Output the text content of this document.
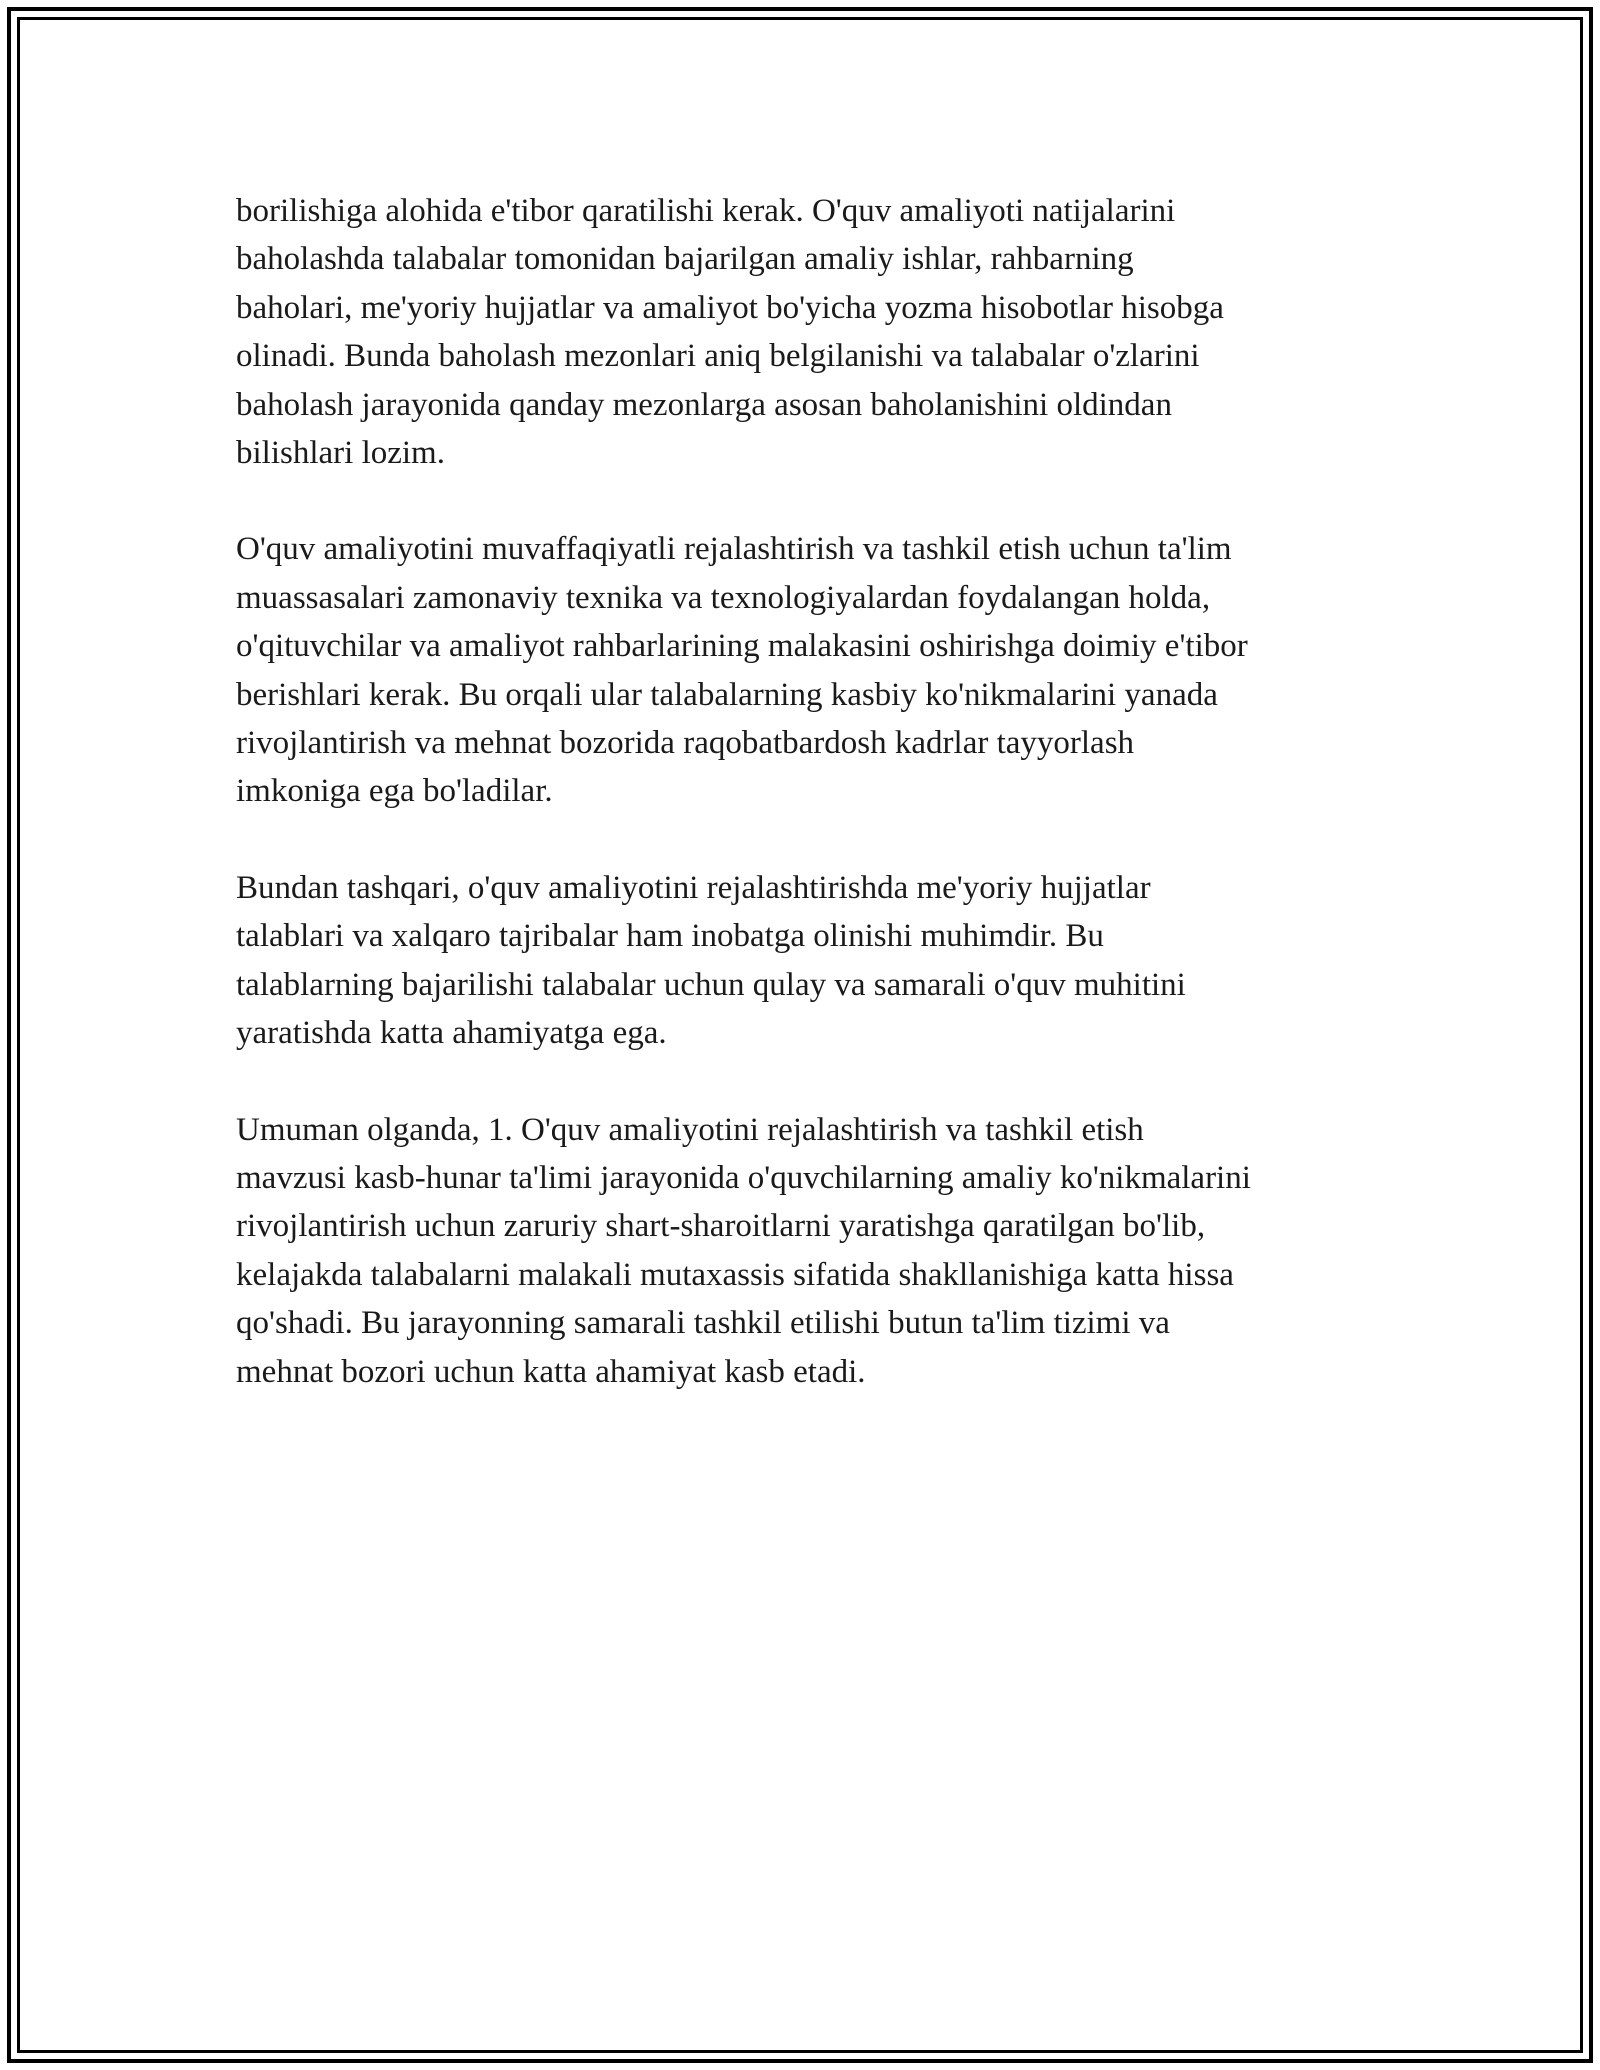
borilishiga alohida e'tibor qaratilishi kerak. O'quv amaliyoti natijalarini
baholashda talabalar tomonidan bajarilgan amaliy ishlar, rahbarning
baholari, me'yoriy hujjatlar va amaliyot bo'yicha yozma hisobotlar hisobga
olinadi. Bunda baholash mezonlari aniq belgilanishi va talabalar o'zlarini
baholash jarayonida qanday mezonlarga asosan baholanishini oldindan
bilishlari lozim.

O'quv amaliyotini muvaffaqiyatli rejalashtirish va tashkil etish uchun ta'lim
muassasalari zamonaviy texnika va texnologiyalardan foydalangan holda,
o'qituvchilar va amaliyot rahbarlarining malakasini oshirishga doimiy e'tibor
berishlari kerak. Bu orqali ular talabalarning kasbiy ko'nikmalarini yanada
rivojlantirish va mehnat bozorida raqobatbardosh kadrlar tayyorlash
imkoniga ega bo'ladilar.

Bundan tashqari, o'quv amaliyotini rejalashtirishda me'yoriy hujjatlar
talablari va xalqaro tajribalar ham inobatga olinishi muhimdir. Bu
talablarning bajarilishi talabalar uchun qulay va samarali o'quv muhitini
yaratishda katta ahamiyatga ega.

Umuman olganda, 1. O'quv amaliyotini rejalashtirish va tashkil etish
mavzusi kasb-hunar ta'limi jarayonida o'quvchilarning amaliy ko'nikmalarini
rivojlantirish uchun zaruriy shart-sharoitlarni yaratishga qaratilgan bo'lib,
kelajakda talabalarni malakali mutaxassis sifatida shakllanishiga katta hissa
qo'shadi. Bu jarayonning samarali tashkil etilishi butun ta'lim tizimi va
mehnat bozori uchun katta ahamiyat kasb etadi.
